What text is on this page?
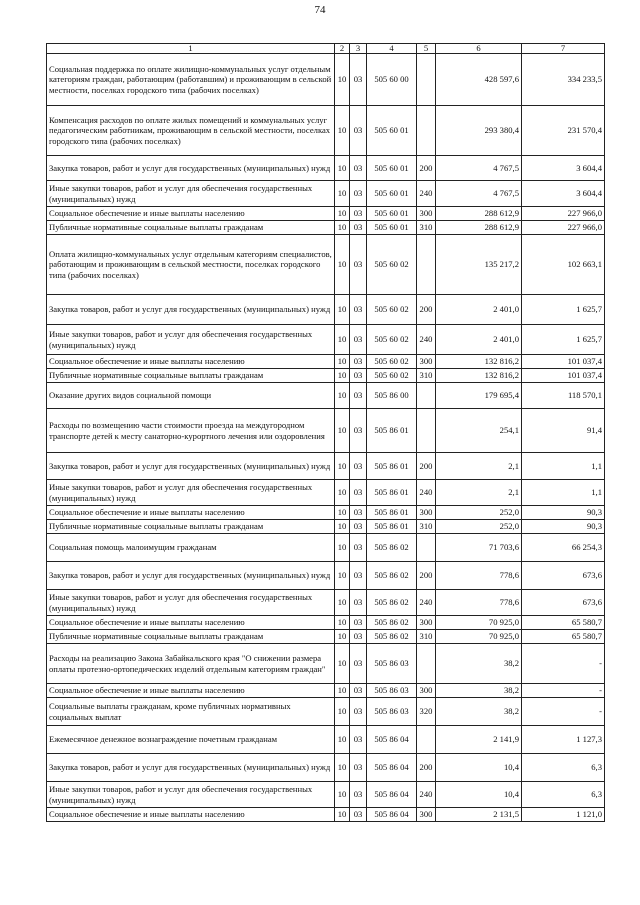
74
1	2	3	4	5	6	7
Социальная поддержка по оплате жилищно-коммунальных услуг отдельным категориям граждан, работающим (работавшим) и проживающим в сельской местности, поселках городского типа (рабочих поселках)	10	03	505 60 00		428 597,6	334 233,5
Компенсация расходов по оплате жилых помещений и коммунальных услуг педагогическим работникам, проживающим в сельской местности, поселках городского типа (рабочих поселках)	10	03	505 60 01		293 380,4	231 570,4
Закупка товаров, работ и услуг для государственных (муниципальных) нужд	10	03	505 60 01	200	4 767,5	3 604,4
Иные закупки товаров, работ и услуг для обеспечения государственных (муниципальных) нужд	10	03	505 60 01	240	4 767,5	3 604,4
Социальное обеспечение и иные выплаты населению	10	03	505 60 01	300	288 612,9	227 966,0
Публичные нормативные социальные выплаты гражданам	10	03	505 60 01	310	288 612,9	227 966,0
Оплата жилищно-коммунальных услуг отдельным категориям специалистов, работающим и проживающим в сельской местности, поселках городского типа (рабочих поселках)	10	03	505 60 02		135 217,2	102 663,1
Закупка товаров, работ и услуг для государственных (муниципальных) нужд	10	03	505 60 02	200	2 401,0	1 625,7
Иные закупки товаров, работ и услуг для обеспечения государственных (муниципальных) нужд	10	03	505 60 02	240	2 401,0	1 625,7
Социальное обеспечение и иные выплаты населению	10	03	505 60 02	300	132 816,2	101 037,4
Публичные нормативные социальные выплаты гражданам	10	03	505 60 02	310	132 816,2	101 037,4
Оказание других видов социальной помощи	10	03	505 86 00		179 695,4	118 570,1
Расходы по возмещению части стоимости проезда на междугородном транспорте детей к месту санаторно-курортного лечения или оздоровления	10	03	505 86 01		254,1	91,4
Закупка товаров, работ и услуг для государственных (муниципальных) нужд	10	03	505 86 01	200	2,1	1,1
Иные закупки товаров, работ и услуг для обеспечения государственных (муниципальных) нужд	10	03	505 86 01	240	2,1	1,1
Социальное обеспечение и иные выплаты населению	10	03	505 86 01	300	252,0	90,3
Публичные нормативные социальные выплаты гражданам	10	03	505 86 01	310	252,0	90,3
Социальная помощь малоимущим гражданам	10	03	505 86 02		71 703,6	66 254,3
Закупка товаров, работ и услуг для государственных (муниципальных) нужд	10	03	505 86 02	200	778,6	673,6
Иные закупки товаров, работ и услуг для обеспечения государственных (муниципальных) нужд	10	03	505 86 02	240	778,6	673,6
Социальное обеспечение и иные выплаты населению	10	03	505 86 02	300	70 925,0	65 580,7
Публичные нормативные социальные выплаты гражданам	10	03	505 86 02	310	70 925,0	65 580,7
Расходы на реализацию Закона Забайкальского края "О снижении размера оплаты протезно-ортопедических изделий отдельным категориям граждан"	10	03	505 86 03		38,2	-
Социальное обеспечение и иные выплаты населению	10	03	505 86 03	300	38,2	-
Социальные выплаты гражданам, кроме публичных нормативных социальных выплат	10	03	505 86 03	320	38,2	-
Ежемесячное денежное вознаграждение почетным гражданам	10	03	505 86 04		2 141,9	1 127,3
Закупка товаров, работ и услуг для государственных (муниципальных) нужд	10	03	505 86 04	200	10,4	6,3
Иные закупки товаров, работ и услуг для обеспечения государственных (муниципальных) нужд	10	03	505 86 04	240	10,4	6,3
Социальное обеспечение и иные выплаты населению	10	03	505 86 04	300	2 131,5	1 121,0
